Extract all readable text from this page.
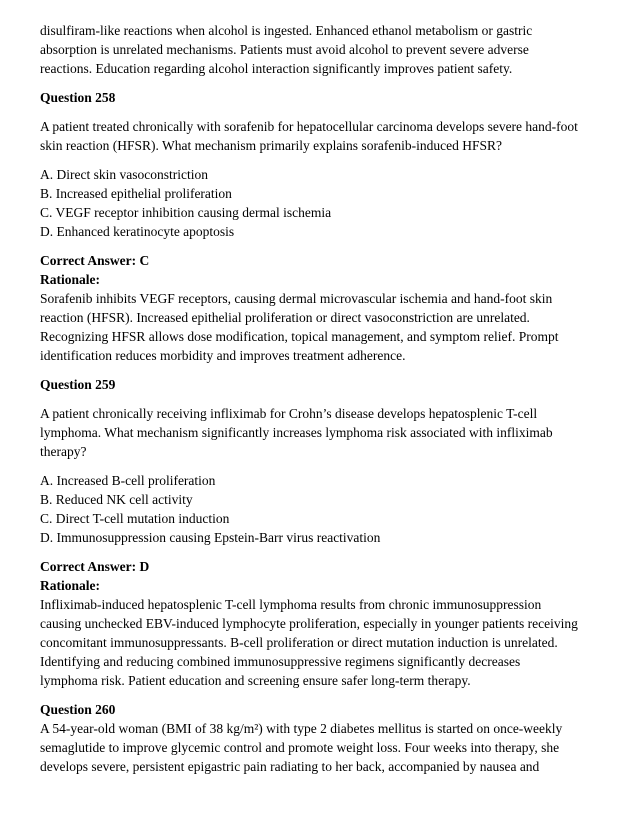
disulfiram-like reactions when alcohol is ingested. Enhanced ethanol metabolism or gastric absorption is unrelated mechanisms. Patients must avoid alcohol to prevent severe adverse reactions. Education regarding alcohol interaction significantly improves patient safety.

Question 258

A patient treated chronically with sorafenib for hepatocellular carcinoma develops severe hand-foot skin reaction (HFSR). What mechanism primarily explains sorafenib-induced HFSR?

A. Direct skin vasoconstriction
B. Increased epithelial proliferation
C. VEGF receptor inhibition causing dermal ischemia
D. Enhanced keratinocyte apoptosis
Correct Answer: C
Rationale:
Sorafenib inhibits VEGF receptors, causing dermal microvascular ischemia and hand-foot skin reaction (HFSR). Increased epithelial proliferation or direct vasoconstriction are unrelated. Recognizing HFSR allows dose modification, topical management, and symptom relief. Prompt identification reduces morbidity and improves treatment adherence.
Question 259

A patient chronically receiving infliximab for Crohn’s disease develops hepatosplenic T-cell lymphoma. What mechanism significantly increases lymphoma risk associated with infliximab therapy?

A. Increased B-cell proliferation
B. Reduced NK cell activity
C. Direct T-cell mutation induction
D. Immunosuppression causing Epstein-Barr virus reactivation
Correct Answer: D
Rationale:
Infliximab-induced hepatosplenic T-cell lymphoma results from chronic immunosuppression causing unchecked EBV-induced lymphocyte proliferation, especially in younger patients receiving concomitant immunosuppressants. B-cell proliferation or direct mutation induction is unrelated. Identifying and reducing combined immunosuppressive regimens significantly decreases lymphoma risk. Patient education and screening ensure safer long-term therapy.
Question 260

A 54-year-old woman (BMI of 38 kg/m²) with type 2 diabetes mellitus is started on once-weekly semaglutide to improve glycemic control and promote weight loss. Four weeks into therapy, she develops severe, persistent epigastric pain radiating to her back, accompanied by nausea and
